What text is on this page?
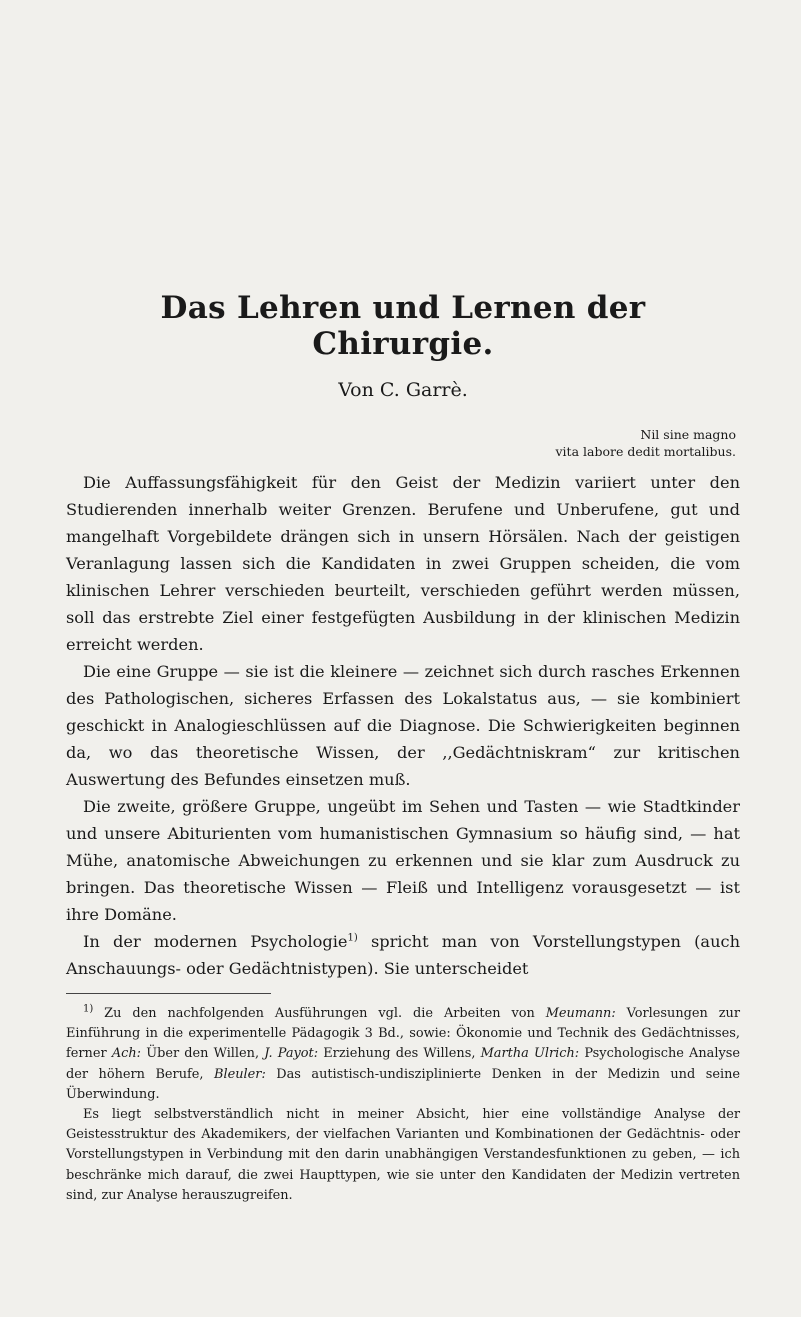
Das Lehren und Lernen der Chirurgie.
Von C. Garrè.
Nil sine magno
vita labore dedit mortalibus.

Die Auffassungsfähigkeit für den Geist der Medizin variiert unter den Studierenden innerhalb weiter Grenzen. Berufene und Unberufene, gut und mangelhaft Vorgebildete drängen sich in unsern Hörsälen. Nach der geistigen Veranlagung lassen sich die Kandidaten in zwei Gruppen scheiden, die vom klinischen Lehrer verschieden beurteilt, verschieden geführt werden müssen, soll das erstrebte Ziel einer festgefügten Ausbildung in der klinischen Medizin erreicht werden.

Die eine Gruppe — sie ist die kleinere — zeichnet sich durch rasches Erkennen des Pathologischen, sicheres Erfassen des Lokalstatus aus, — sie kombiniert geschickt in Analogieschlüssen auf die Diagnose. Die Schwierigkeiten beginnen da, wo das theoretische Wissen, der ,,Gedächtniskram“ zur kritischen Auswertung des Befundes einsetzen muß.

Die zweite, größere Gruppe, ungeübt im Sehen und Tasten — wie Stadtkinder und unsere Abiturienten vom humanistischen Gymnasium so häufig sind, — hat Mühe, anatomische Abweichungen zu erkennen und sie klar zum Ausdruck zu bringen. Das theoretische Wissen — Fleiß und Intelligenz vorausgesetzt — ist ihre Domäne.

In der modernen Psychologie$^{1)}$ spricht man von Vorstellungstypen (auch Anschauungs- oder Gedächtnistypen). Sie unterscheidet

$^{1)}$ Zu den nachfolgenden Ausführungen vgl. die Arbeiten von Meumann: Vorlesungen zur Einführung in die experimentelle Pädagogik 3 Bd., sowie: Ökonomie und Technik des Gedächtnisses, ferner Ach: Über den Willen, J. Payot: Erziehung des Willens, Martha Ulrich: Psychologische Analyse der höhern Berufe, Bleuler: Das autistisch-undisziplinierte Denken in der Medizin und seine Überwindung.

Es liegt selbstverständlich nicht in meiner Absicht, hier eine vollständige Analyse der Geistesstruktur des Akademikers, der vielfachen Varianten und Kombinationen der Gedächtnis- oder Vorstellungstypen in Verbindung mit den darin unabhängigen Verstandesfunktionen zu geben, — ich beschränke mich darauf, die zwei Haupttypen, wie sie unter den Kandidaten der Medizin vertreten sind, zur Analyse herauszugreifen.
